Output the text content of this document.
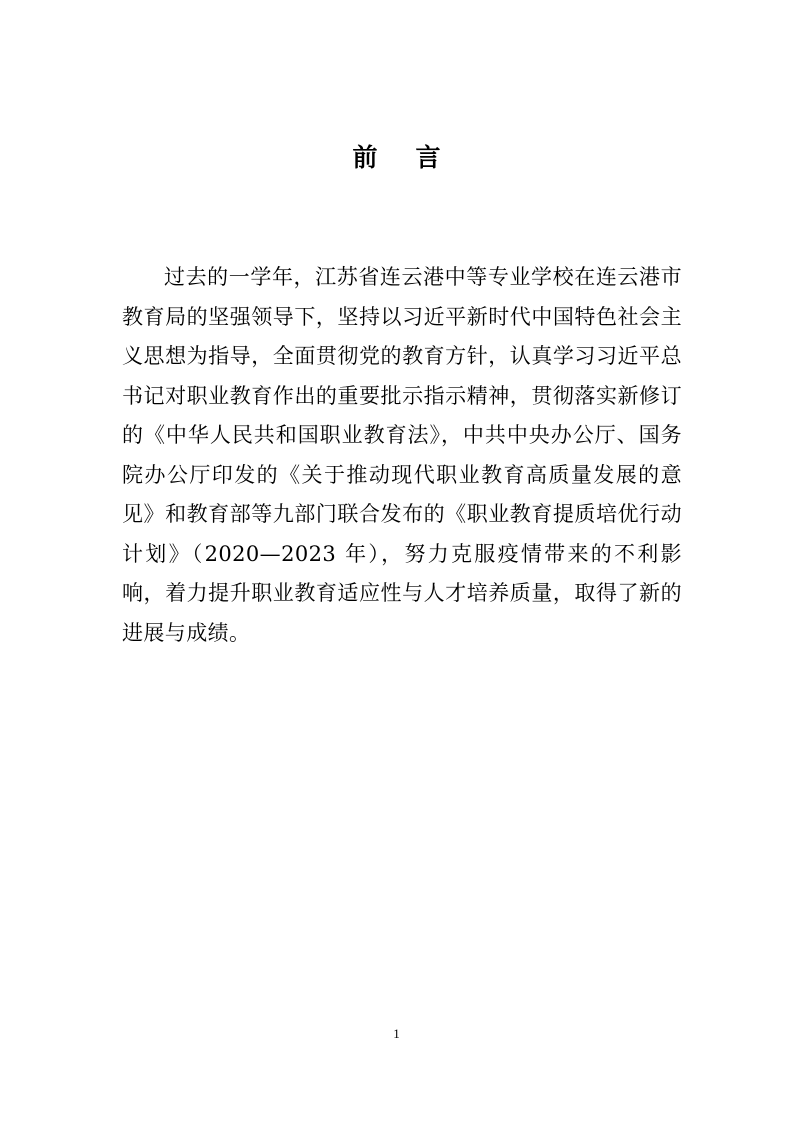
前 言

过去的一学年，江苏省连云港中等专业学校在连云港市教育局的坚强领导下，坚持以习近平新时代中国特色社会主义思想为指导，全面贯彻党的教育方针，认真学习习近平总书记对职业教育作出的重要批示指示精神，贯彻落实新修订的《中华人民共和国职业教育法》，中共中央办公厅、国务院办公厅印发的《关于推动现代职业教育高质量发展的意见》和教育部等九部门联合发布的《职业教育提质培优行动计划》（2020—2023 年），努力克服疫情带来的不利影响，着力提升职业教育适应性与人才培养质量，取得了新的进展与成绩。

1
